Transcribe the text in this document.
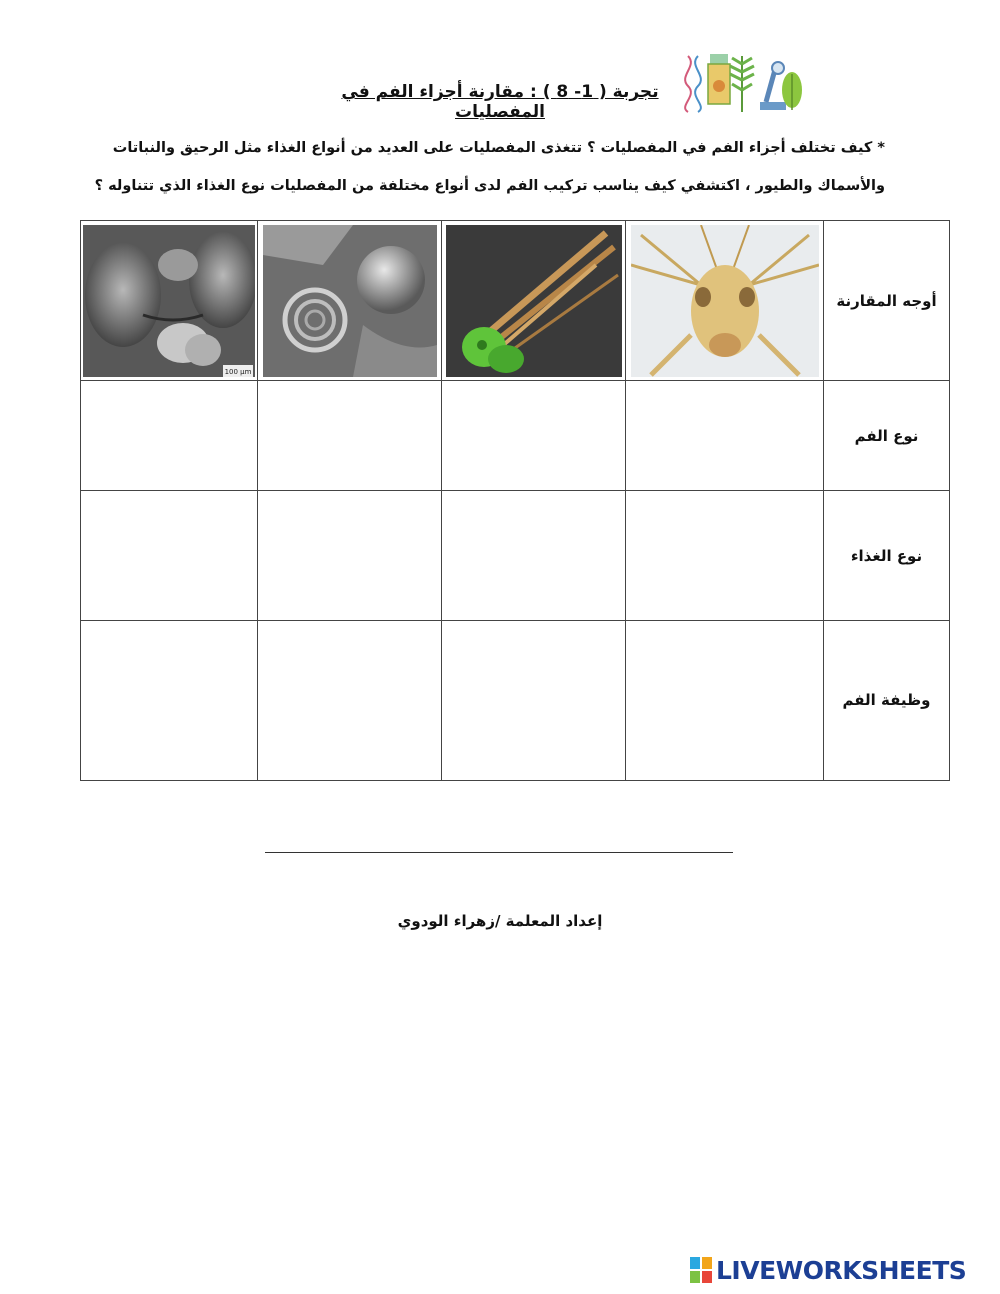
تجربة ( 1- 8 ) : مقارنة أجزاء الفم في المفصليات
* كيف تختلف أجزاء الفم في المفصليات ؟ تتغذى المفصليات على العديد من أنواع الغذاء مثل الرحيق والنباتات
والأسماك والطيور ، اكتشفي كيف يناسب تركيب الفم لدى أنواع مختلفة من المفصليات نوع الغذاء الذي تتناوله ؟
100 µm				أوجه المقارنة
				نوع الفم
				نوع الغذاء
				وظيفة الفم
إعداد المعلمة /زهراء الودوي
LIVEWORKSHEETS
